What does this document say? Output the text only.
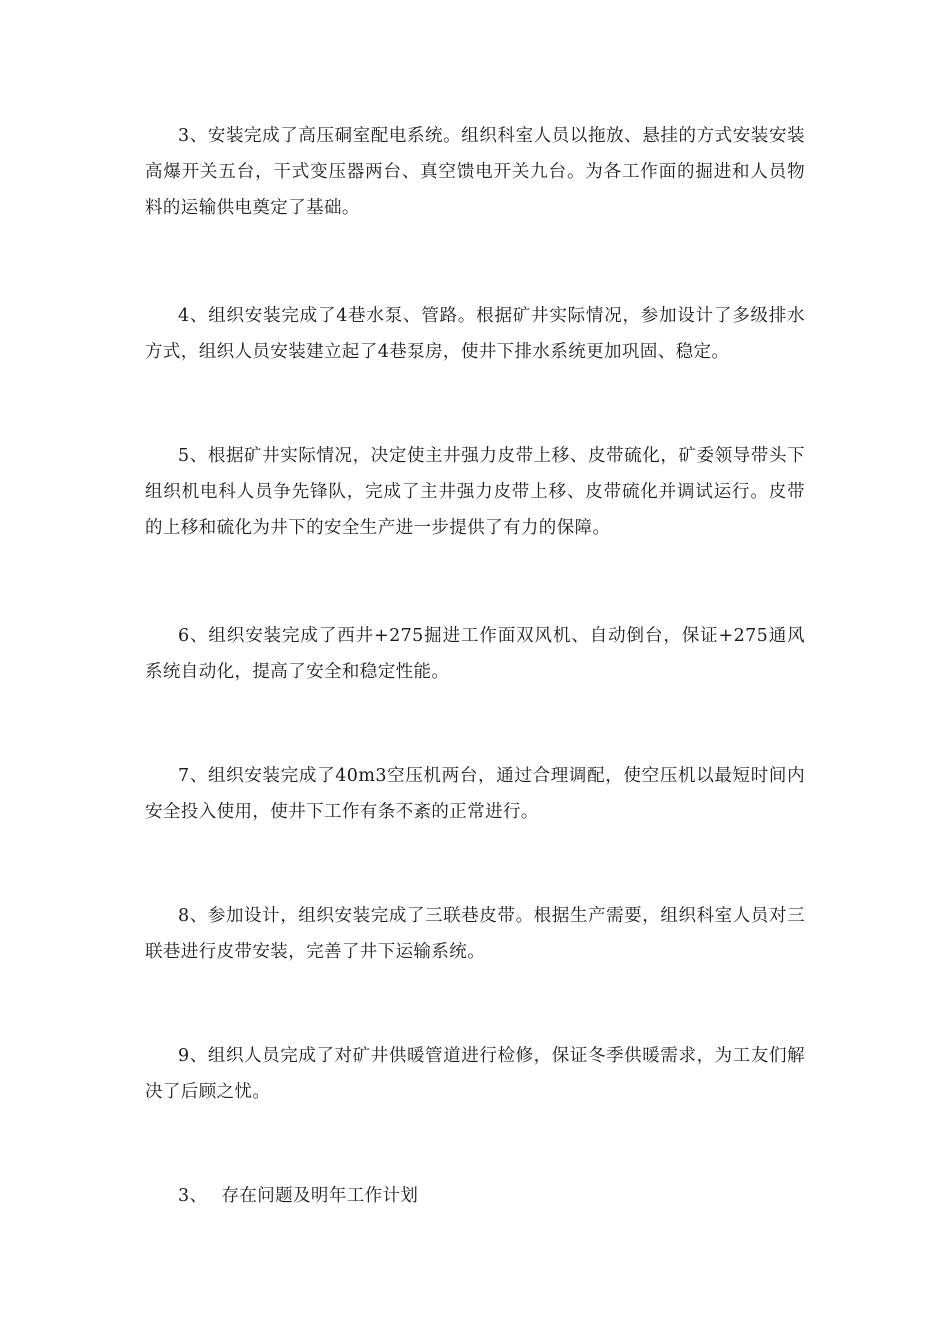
3、安装完成了高压硐室配电系统。组织科室人员以拖放、悬挂的方式安装安装高爆开关五台，干式变压器两台、真空馈电开关九台。为各工作面的掘进和人员物料的运输供电奠定了基础。

4、组织安装完成了4巷水泵、管路。根据矿井实际情况，参加设计了多级排水方式，组织人员安装建立起了4巷泵房，使井下排水系统更加巩固、稳定。

5、根据矿井实际情况，决定使主井强力皮带上移、皮带硫化，矿委领导带头下组织机电科人员争先锋队，完成了主井强力皮带上移、皮带硫化并调试运行。皮带的上移和硫化为井下的安全生产进一步提供了有力的保障。

6、组织安装完成了西井+275掘进工作面双风机、自动倒台，保证+275通风系统自动化，提高了安全和稳定性能。

7、组织安装完成了40m3空压机两台，通过合理调配，使空压机以最短时间内安全投入使用，使井下工作有条不紊的正常进行。

8、参加设计，组织安装完成了三联巷皮带。根据生产需要，组织科室人员对三联巷进行皮带安装，完善了井下运输系统。

9、组织人员完成了对矿井供暖管道进行检修，保证冬季供暖需求，为工友们解决了后顾之忧。

3、 存在问题及明年工作计划
